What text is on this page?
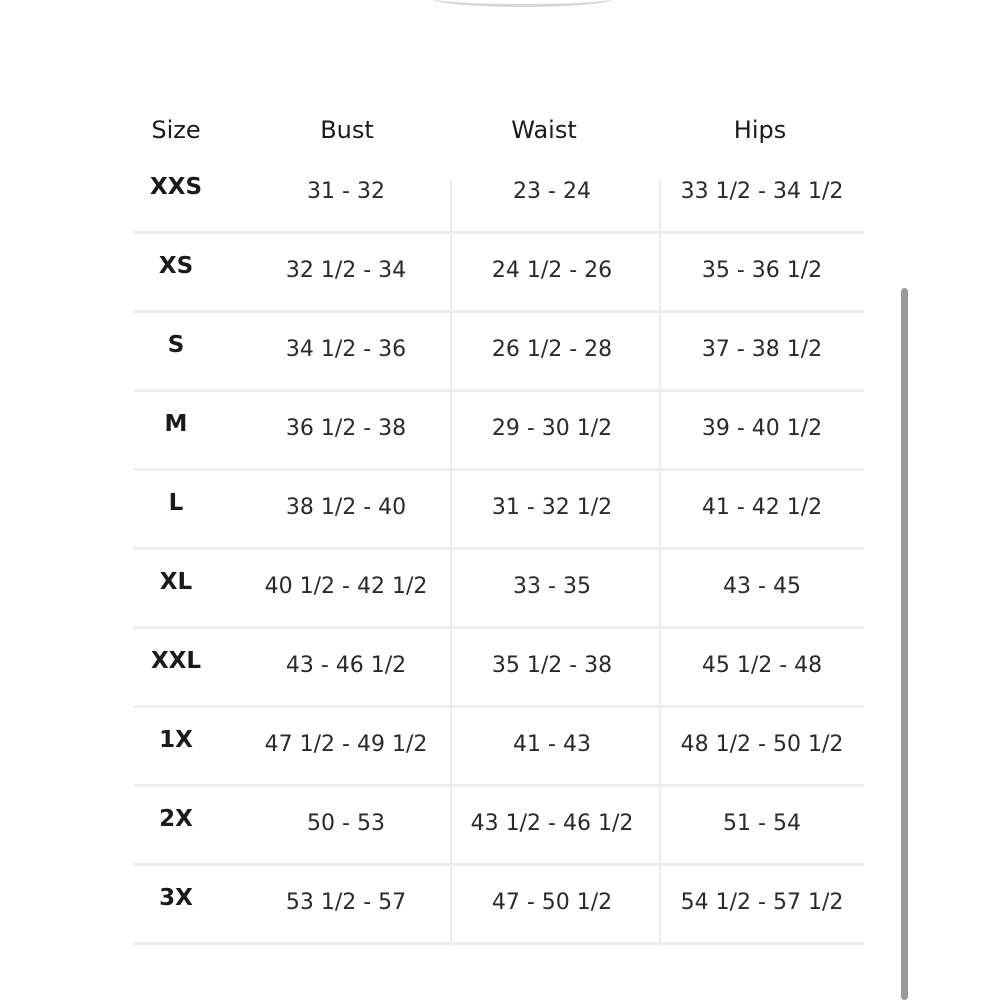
Size	Bust	Waist	Hips
XXS	31 - 32	23 - 24	33 1/2 - 34 1/2
XS	32 1/2 - 34	24 1/2 - 26	35 - 36 1/2
S	34 1/2 - 36	26 1/2 - 28	37 - 38 1/2
M	36 1/2 - 38	29 - 30 1/2	39 - 40 1/2
L	38 1/2 - 40	31 - 32 1/2	41 - 42 1/2
XL	40 1/2 - 42 1/2	33 - 35	43 - 45
XXL	43 - 46 1/2	35 1/2 - 38	45 1/2 - 48
1X	47 1/2 - 49 1/2	41 - 43	48 1/2 - 50 1/2
2X	50 - 53	43 1/2 - 46 1/2	51 - 54
3X	53 1/2 - 57	47 - 50 1/2	54 1/2 - 57 1/2
